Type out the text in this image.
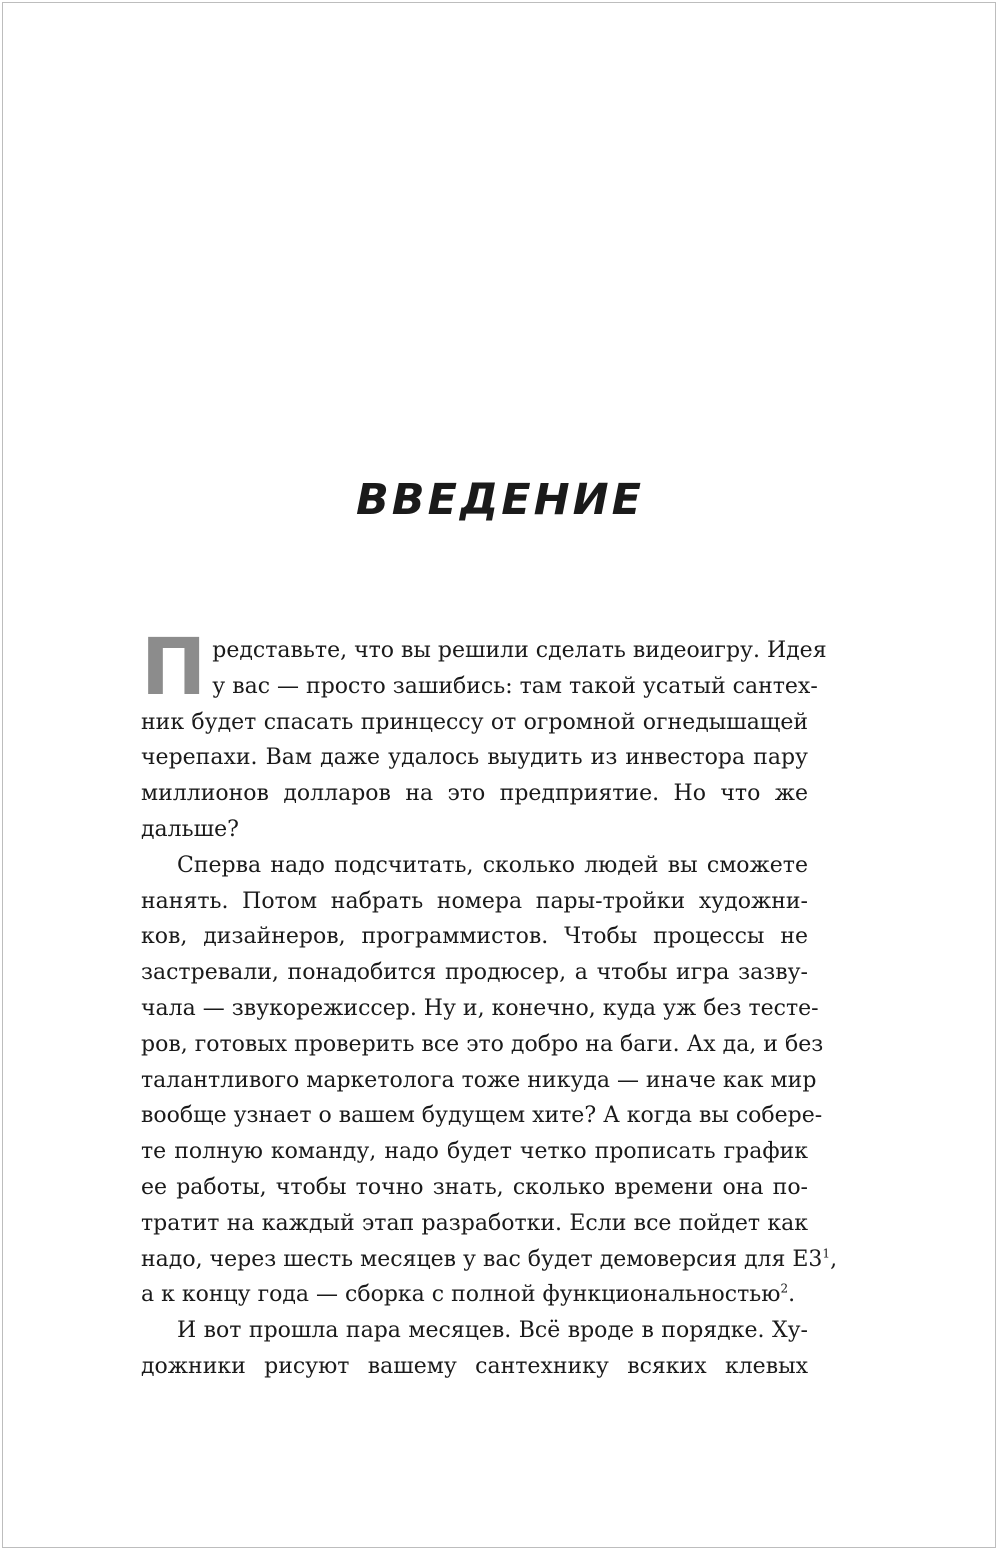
ВВЕДЕНИЕ

П редставьте, что вы решили сделать видеоигру. Идея
у вас — просто зашибись: там такой усатый сантех-
ник будет спасать принцессу от огромной огнедышащей
черепахи. Вам даже удалось выудить из инвестора пару
миллионов долларов на это предприятие. Но что же
дальше?

Сперва надо подсчитать, сколько людей вы сможете
нанять. Потом набрать номера пары-тройки художни-
ков, дизайнеров, программистов. Чтобы процессы не
застревали, понадобится продюсер, а чтобы игра зазву-
чала — звукорежиссер. Ну и, конечно, куда уж без тесте-
ров, готовых проверить все это добро на баги. Ах да, и без
талантливого маркетолога тоже никуда — иначе как мир
вообще узнает о вашем будущем хите? А когда вы собере-
те полную команду, надо будет четко прописать график
ее работы, чтобы точно знать, сколько времени она по-
тратит на каждый этап разработки. Если все пойдет как
надо, через шесть месяцев у вас будет демоверсия для $E3^1$,
а к концу года — сборка с полной функциональностью$^2$.

И вот прошла пара месяцев. Всё вроде в порядке. Ху-
дожники рисуют вашему сантехнику всяких клевых
